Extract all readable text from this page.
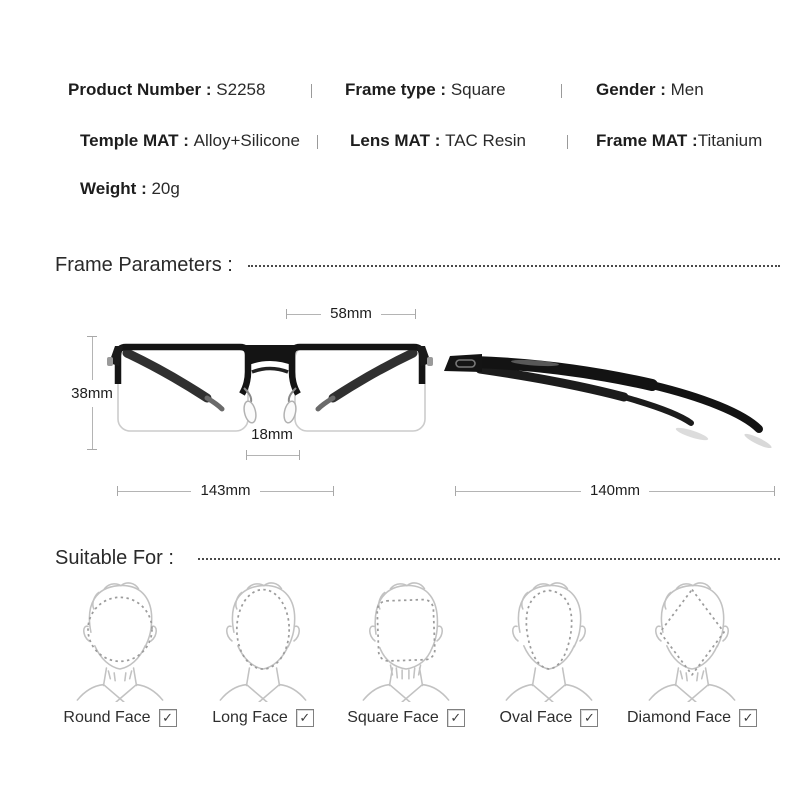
Product Number : S2258	Frame type : Square	Gender : Men
Temple MAT : Alloy+Silicone	Lens MAT : TAC Resin	Frame MAT :Titanium
Weight : 20g
Frame Parameters :
58mm
38mm
18mm
143mm	140mm
Suitable For :
Round Face ✓ Long Face ✓ Square Face ✓ Oval Face ✓ Diamond Face ✓
